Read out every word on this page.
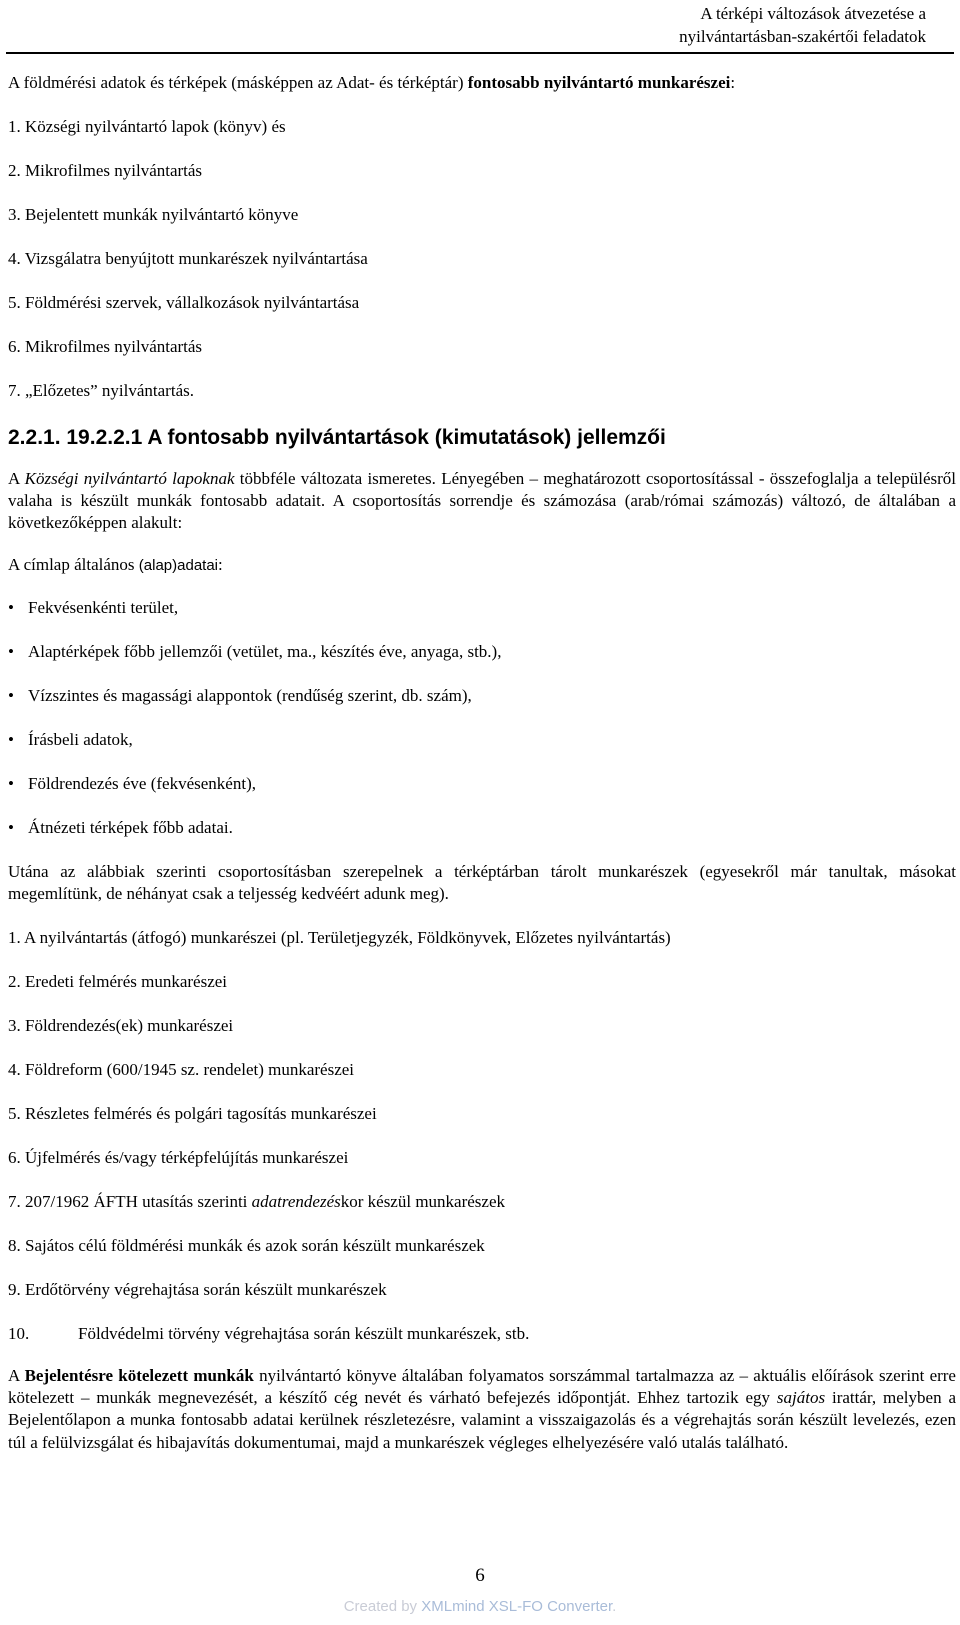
A térképi változások átvezetése a
nyilvántartásban-szakértői feladatok

A földmérési adatok és térképek (másképpen az Adat- és térképtár) fontosabb nyilvántartó munkarészei:

1. Községi nyilvántartó lapok (könyv) és

2. Mikrofilmes nyilvántartás

3. Bejelentett munkák nyilvántartó könyve

4. Vizsgálatra benyújtott munkarészek nyilvántartása

5. Földmérési szervek, vállalkozások nyilvántartása

6. Mikrofilmes nyilvántartás

7. „Előzetes” nyilvántartás.

2.2.1. 19.2.2.1 A fontosabb nyilvántartások (kimutatások) jellemzői

A Községi nyilvántartó lapoknak többféle változata ismeretes. Lényegében – meghatározott csoportosítással - összefoglalja a településről valaha is készült munkák fontosabb adatait. A csoportosítás sorrendje és számozása (arab/római számozás) változó, de általában a következőképpen alakult:

A címlap általános (alap)adatai:

• Fekvésenkénti terület,
• Alaptérképek főbb jellemzői (vetület, ma., készítés éve, anyaga, stb.),
• Vízszintes és magassági alappontok (rendűség szerint, db. szám),
• Írásbeli adatok,
• Földrendezés éve (fekvésenként),
• Átnézeti térképek főbb adatai.

Utána az alábbiak szerinti csoportosításban szerepelnek a térképtárban tárolt munkarészek (egyesekről már tanultak, másokat megemlítünk, de néhányat csak a teljesség kedvéért adunk meg).

1. A nyilvántartás (átfogó) munkarészei (pl. Területjegyzék, Földkönyvek, Előzetes nyilvántartás)

2. Eredeti felmérés munkarészei

3. Földrendezés(ek) munkarészei

4. Földreform (600/1945 sz. rendelet) munkarészei

5. Részletes felmérés és polgári tagosítás munkarészei

6. Újfelmérés és/vagy térképfelújítás munkarészei

7. 207/1962 ÁFTH utasítás szerinti adatrendezéskor készül munkarészek

8. Sajátos célú földmérési munkák és azok során készült munkarészek

9. Erdőtörvény végrehajtása során készült munkarészek

10.	Földvédelmi törvény végrehajtása során készült munkarészek, stb.

A Bejelentésre kötelezett munkák nyilvántartó könyve általában folyamatos sorszámmal tartalmazza az – aktuális előírások szerint erre kötelezett – munkák megnevezését, a készítő cég nevét és várható befejezés időpontját. Ehhez tartozik egy sajátos irattár, melyben a Bejelentőlapon a munka fontosabb adatai kerülnek részletezésre, valamint a visszaigazolás és a végrehajtás során készült levelezés, ezen túl a felülvizsgálat és hibajavítás dokumentumai, majd a munkarészek végleges elhelyezésére való utalás található.

6
Created by XMLmind XSL-FO Converter.
